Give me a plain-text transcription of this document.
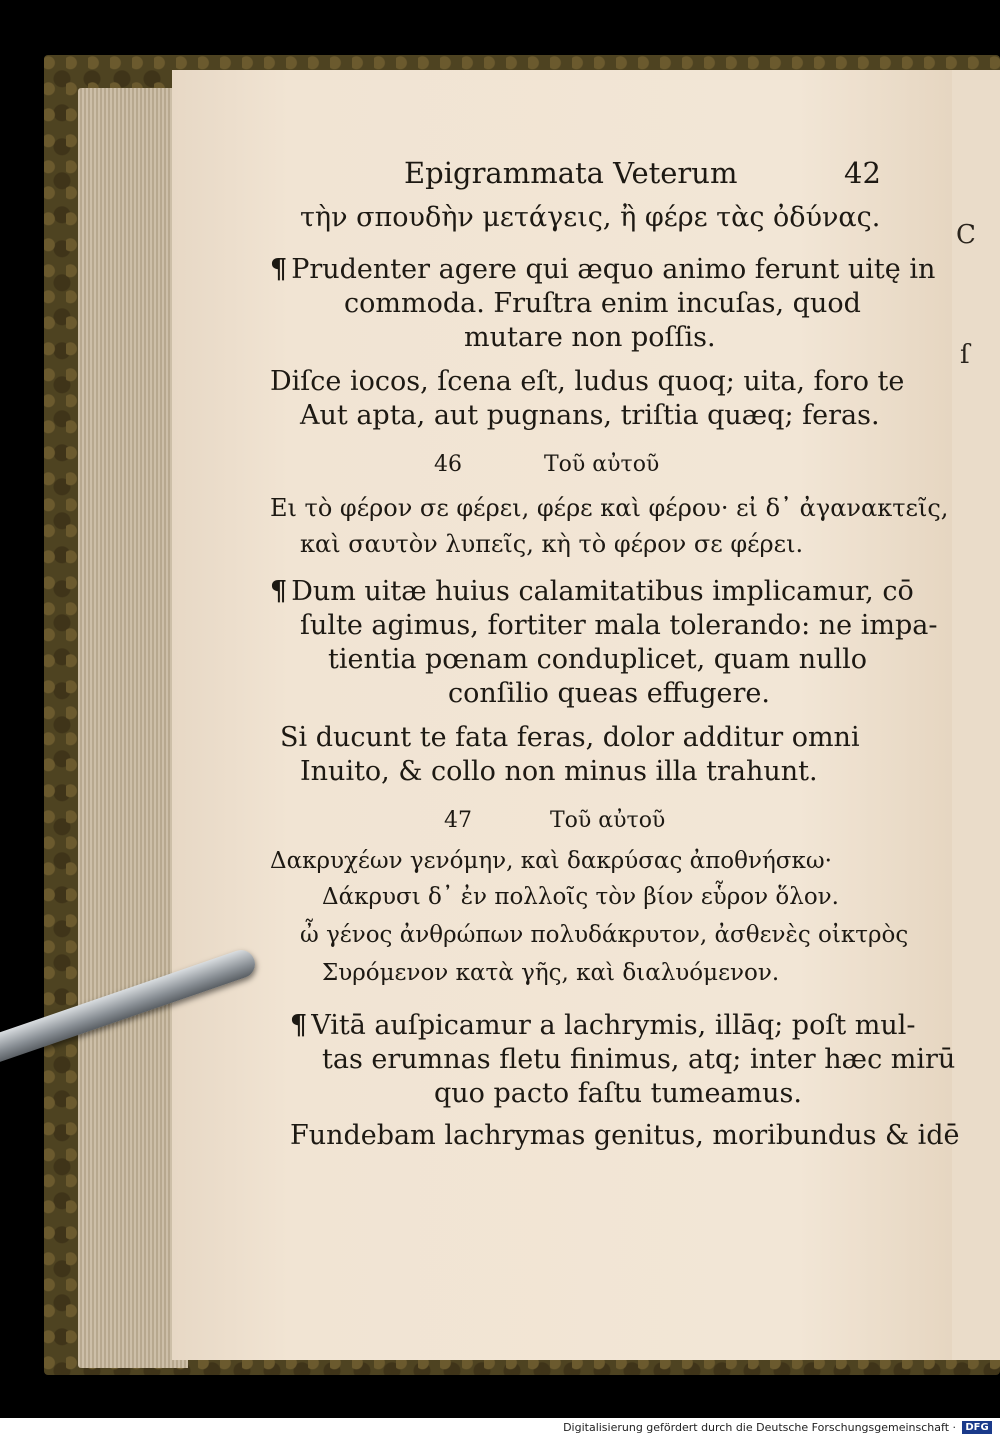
C
ſ
Epigrammata Veterum	42
τὴν σπουδὴν μετάγεις, ἢ φέρε τὰς ὀδύνας.
¶ Prudenter agere qui æquo animo ferunt uitę in
commoda. Fruſtra enim incuſas, quod
mutare non poſſis.
Diſce iocos, ſcena eſt, ludus quoq; uita, foro te
Aut apta, aut pugnans, triſtia quæq; feras.
46	Τοῦ αὐτοῦ
Ει τὸ φέρον σε φέρει, φέρε καὶ φέρου· εἰ δ᾽ ἀγανακτεῖς,
καὶ σαυτὸν λυπεῖς, κὴ τὸ φέρον σε φέρει.
¶ Dum uitæ huius calamitatibus implicamur, cō
ſulte agimus, fortiter mala tolerando: ne impa-
tientia pœnam conduplicet, quam nullo
conſilio queas effugere.
Si ducunt te fata feras, dolor additur omni
Inuito, & collo non minus illa trahunt.
47	Τοῦ αὐτοῦ
Δακρυχέων γενόμην, καὶ δακρύσας ἀποθνήσκω·
Δάκρυσι δ᾽ ἐν πολλοῖς τὸν βίον εὗρον ὅλον.
ὦ γένος ἀνθρώπων πολυδάκρυτον, ἀσθενὲς οἰκτρὸς
Συρόμενον κατὰ γῆς, καὶ διαλυόμενον.
¶ Vitā auſpicamur a lachrymis, illāq; poſt mul-
tas erumnas fletu finimus, atq; inter hæc mirū
quo pacto faſtu tumeamus.
Fundebam lachrymas genitus, moribundus & idē
Digitalisierung gefördert durch die Deutsche Forschungsgemeinschaft · DFG
